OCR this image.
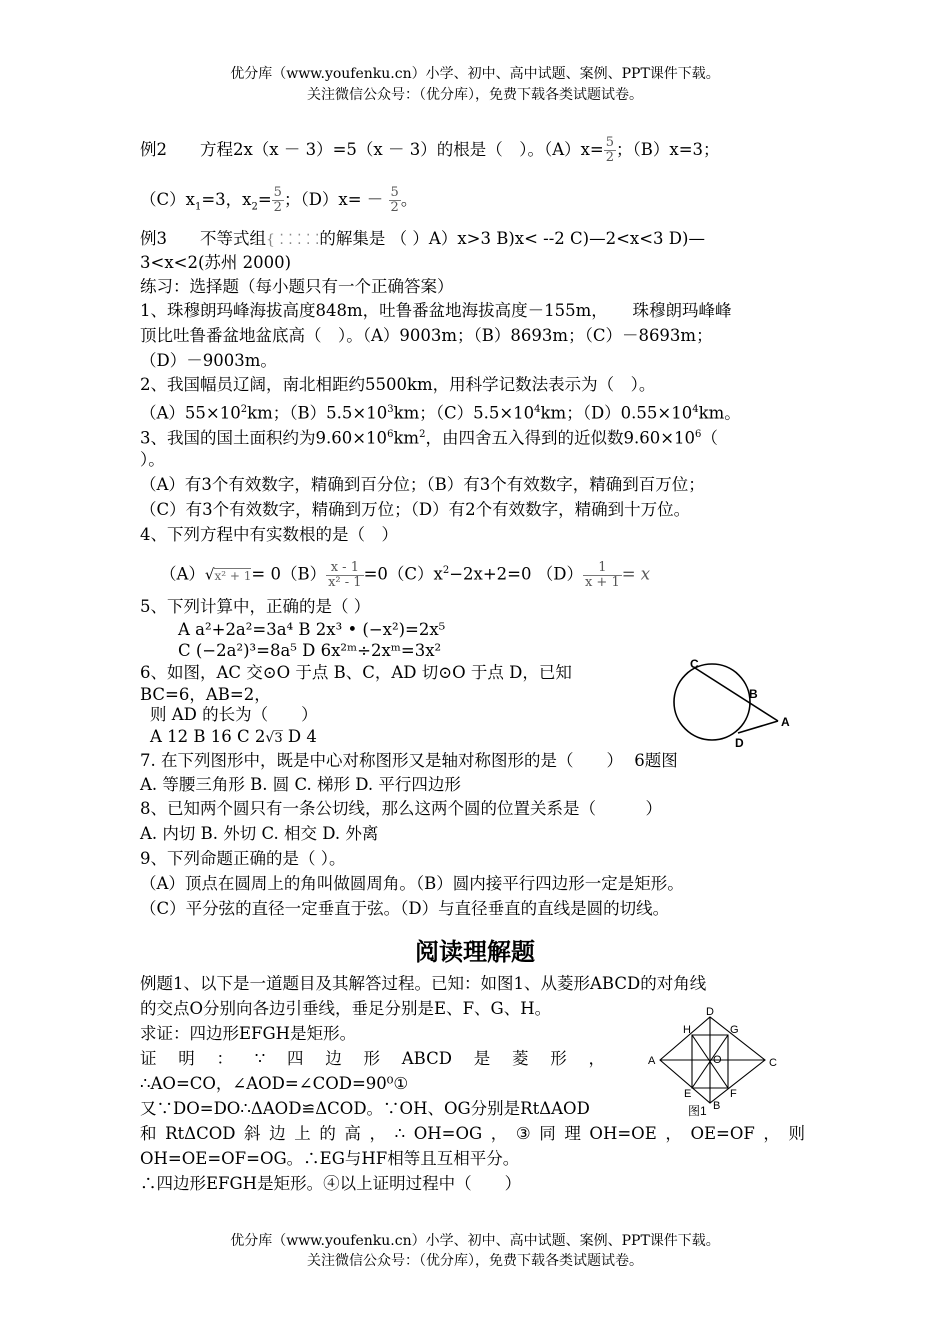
优分库（www.youfenku.cn）小学、初中、高中试题、案例、PPT课件下载。
关注微信公众号：（优分库），免费下载各类试题试卷。
例2　　方程2x（x － 3）=5（x － 3）的根是（　）。$(A)x= \frac{5}{2}$ ；（B）x=3；
$(C)x_1=3$，$x_2= \frac{5}{2}$ ；$(D)x= - \frac{5}{2}$ 。
例3　　不等式组{ ⁚ ⁚ ⁚ ⁚ ⁚的解集是 （ ）A）x>3 B)x< --2 C)—2<x<3 D)—
3<x<2(苏州 2000)
练习：选择题（每小题只有一个正确答案）
1、珠穆朗玛峰海拔高度848m，吐鲁番盆地海拔高度－155m，　　珠穆朗玛峰峰
顶比吐鲁番盆地盆底高（　）。（A）9003m；（B）8693m；（C）－8693m；
（D）－9003m。
2、我国幅员辽阔，南北相距约5500km，用科学记数法表示为（　）。
$(A)55\times 10^2km$；$(B)5.5\times 10^3km$；$(C)5.5\times 10^4km$；$(D)0.55\times 10^4km$。
3、我国的国土面积约为$9.60\times 10^6km^2$，由四舍五入得到的近似数$9.60\times 10^6$（
）。
（A）有3个有效数字，精确到百分位；（B）有3个有效数字，精确到百万位；
（C）有3个有效数字，精确到万位；（D）有2个有效数字，精确到十万位。
4、下列方程中有实数根的是（　）
$(A)√x^2 + 1= 0(B) \frac{x - 1}{\text{x² - 1}} =0(C)x^2-2x+2=0$ $(D) \frac{1}{x + 1} = x$
5、下列计算中，正确的是（ ）
A a²+2a²=3a⁴ B 2x³ • (−x²)=2x⁵
C (−2a²)³=8a⁵ D 6x²ᵐ÷2xᵐ=3x²
6、如图，AC 交⊙O 于点 B、C，AD 切⊙O 于点 D，已知
BC=6，AB=2，
则 AD 的长为（　　）
A 12 B 16 C 2√3 D 4
7. 在下列图形中，既是中心对称图形又是轴对称图形的是（　　） 6题图
A. 等腰三角形 B. 圆 C. 梯形 D. 平行四边形
8、已知两个圆只有一条公切线，那么这两个圆的位置关系是（　　　）
A. 内切 B. 外切 C. 相交 D. 外离
9、下列命题正确的是（ ）。
（A）顶点在圆周上的角叫做圆周角。（B）圆内接平行四边形一定是矩形。
（C）平分弦的直径一定垂直于弦。（D）与直径垂直的直线是圆的切线。
C
B
A
D
阅读理解题
例题1、以下是一道题目及其解答过程。已知：如图1、从菱形ABCD的对角线
的交点O分别向各边引垂线，垂足分别是E、F、G、H。
求证：四边形EFGH是矩形。
证 明 ： ∵ 四 边 形 ABCD 是 菱 形 ，
∴AO=CO，∠AOD=∠COD=90⁰①
又∵DO=DO∴ΔAOD≌ΔCOD。∵OH、OG分别是RtΔAOD
和 RtΔCOD 斜 边 上 的 高 ， ∴ OH=OG ， ③ 同 理 OH=OE ， OE=OF ， 则
OH=OE=OF=OG。∴EG与HF相等且互相平分。
∴四边形EFGH是矩形。④以上证明过程中（　　）
D
H	G
A	O	C
E	F
B
图1
优分库（www.youfenku.cn）小学、初中、高中试题、案例、PPT课件下载。
关注微信公众号：（优分库），免费下载各类试题试卷。
